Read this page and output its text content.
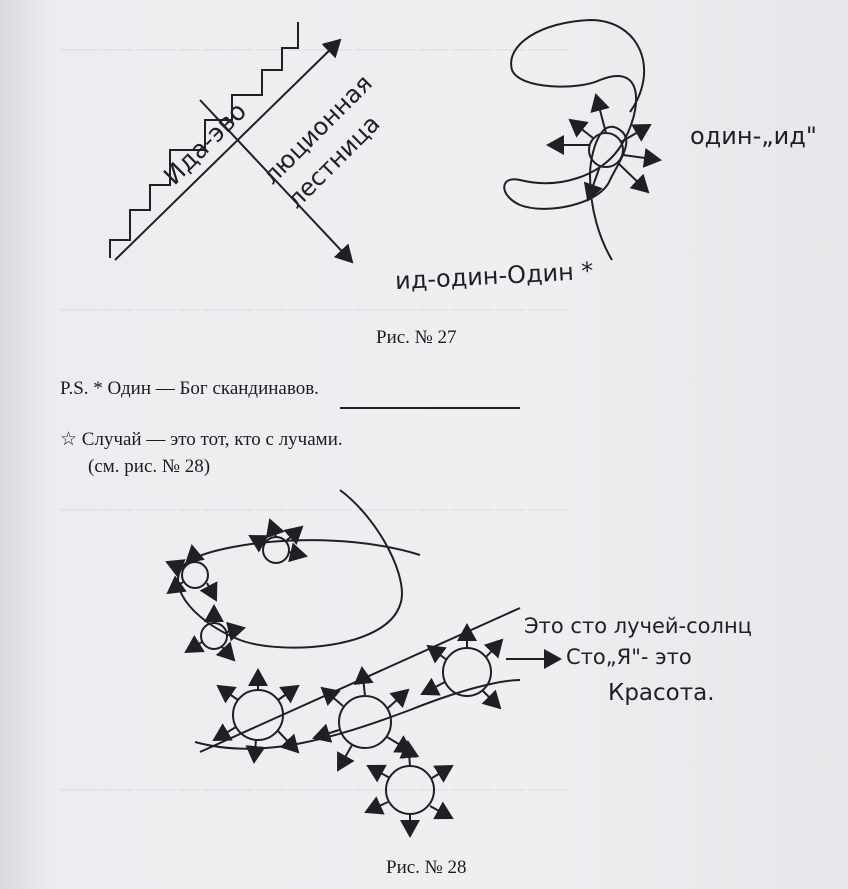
──── ─── ──── ── ───── ─── ──── ── ────── ─── ──── ─── ────
──── ─── ──── ── ───── ─── ──── ── ────── ─── ──── ─── ────
──── ─── ──── ── ───── ─── ──── ── ────── ─── ──── ─── ────
──── ─── ──── ── ───── ─── ──── ── ────── ─── ──── ─── ────
Ида-эво люционная лестница	один-„ид"
ид-один-Один *
Рис. № 27
P.S. * Один — Бог скандинавов.
☆ Случай — это тот, кто с лучами.
(см. рис. № 28)
Это сто лучей-солнц
Сто„Я"- это
Красота.
Рис. № 28
